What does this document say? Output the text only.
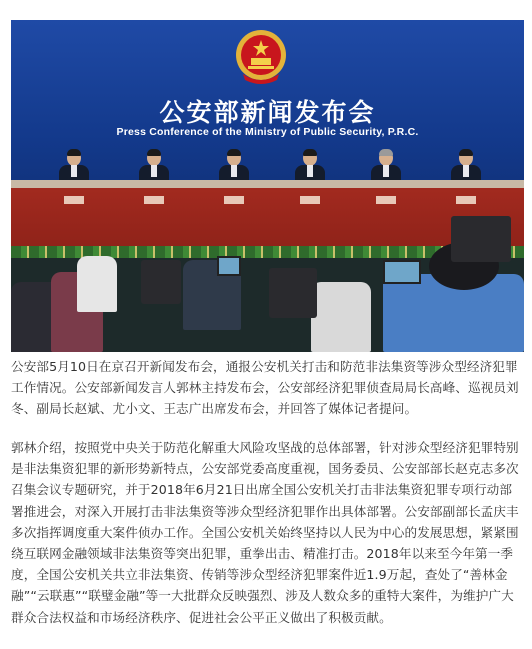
公安部新闻发布会
Press Conference of the Ministry of Public Security, P.R.C.

公安部5月10日在京召开新闻发布会，通报公安机关打击和防范非法集资等涉众型经济犯罪工作情况。公安部新闻发言人郭林主持发布会，公安部经济犯罪侦查局局长高峰、巡视员刘冬、副局长赵斌、尤小文、王志广出席发布会，并回答了媒体记者提问。

郭林介绍，按照党中央关于防范化解重大风险攻坚战的总体部署，针对涉众型经济犯罪特别是非法集资犯罪的新形势新特点，公安部党委高度重视，国务委员、公安部部长赵克志多次召集会议专题研究，并于2018年6月21日出席全国公安机关打击非法集资犯罪专项行动部署推进会，对深入开展打击非法集资等涉众型经济犯罪作出具体部署。公安部副部长孟庆丰多次指挥调度重大案件侦办工作。全国公安机关始终坚持以人民为中心的发展思想，紧紧围绕互联网金融领域非法集资等突出犯罪，重拳出击、精准打击。2018年以来至今年第一季度，全国公安机关共立非法集资、传销等涉众型经济犯罪案件近1.9万起，查处了“善林金融”“云联惠”“联璧金融”等一大批群众反映强烈、涉及人数众多的重特大案件，为维护广大群众合法权益和市场经济秩序、促进社会公平正义做出了积极贡献。
